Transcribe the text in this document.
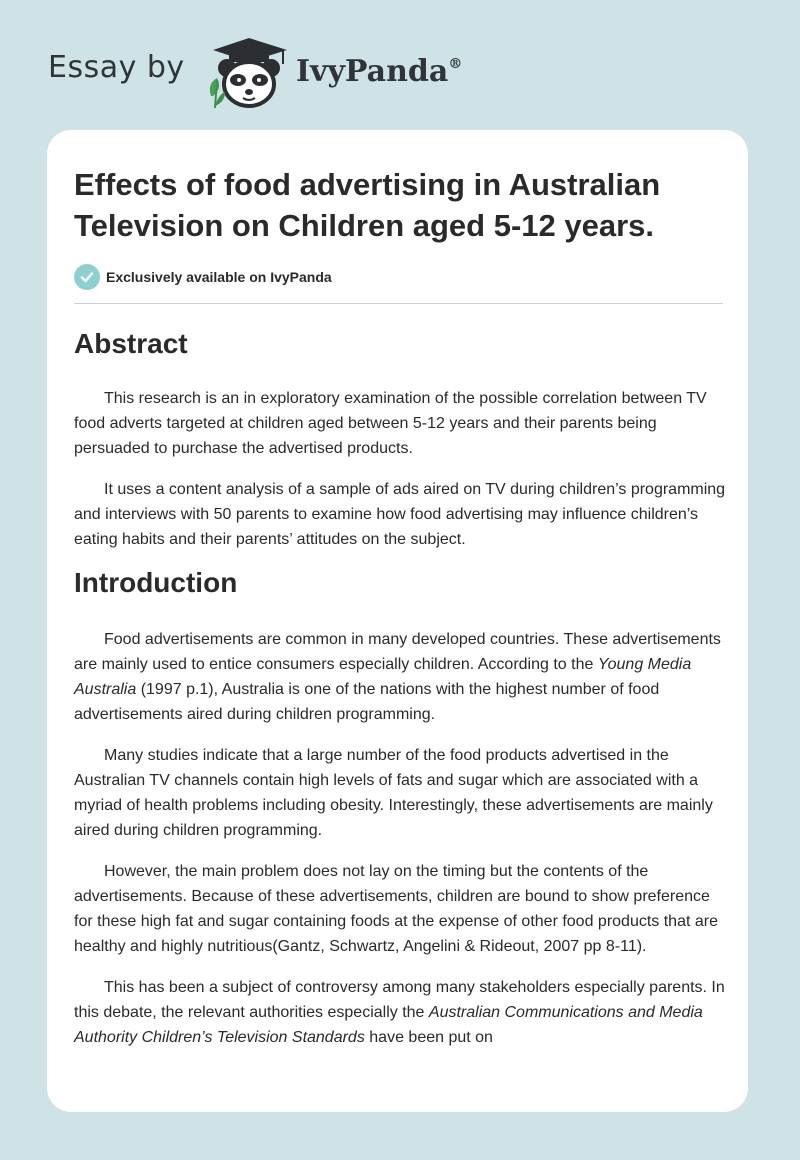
Essay by	IvyPanda®
Effects of food advertising in Australian Television on Children aged 5-12 years.
Exclusively available on IvyPanda
Abstract

This research is an in exploratory examination of the possible correlation between TV food adverts targeted at children aged between 5-12 years and their parents being persuaded to purchase the advertised products.

It uses a content analysis of a sample of ads aired on TV during children’s programming and interviews with 50 parents to examine how food advertising may influence children’s eating habits and their parents’ attitudes on the subject.

Introduction

Food advertisements are common in many developed countries. These advertisements are mainly used to entice consumers especially children. According to the Young Media Australia (1997 p.1), Australia is one of the nations with the highest number of food advertisements aired during children programming.

Many studies indicate that a large number of the food products advertised in the Australian TV channels contain high levels of fats and sugar which are associated with a myriad of health problems including obesity. Interestingly, these advertisements are mainly aired during children programming.

However, the main problem does not lay on the timing but the contents of the advertisements. Because of these advertisements, children are bound to show preference for these high fat and sugar containing foods at the expense of other food products that are healthy and highly nutritious(Gantz, Schwartz, Angelini & Rideout, 2007 pp 8-11).

This has been a subject of controversy among many stakeholders especially parents. In this debate, the relevant authorities especially the Australian Communications and Media Authority Children’s Television Standards have been put on
